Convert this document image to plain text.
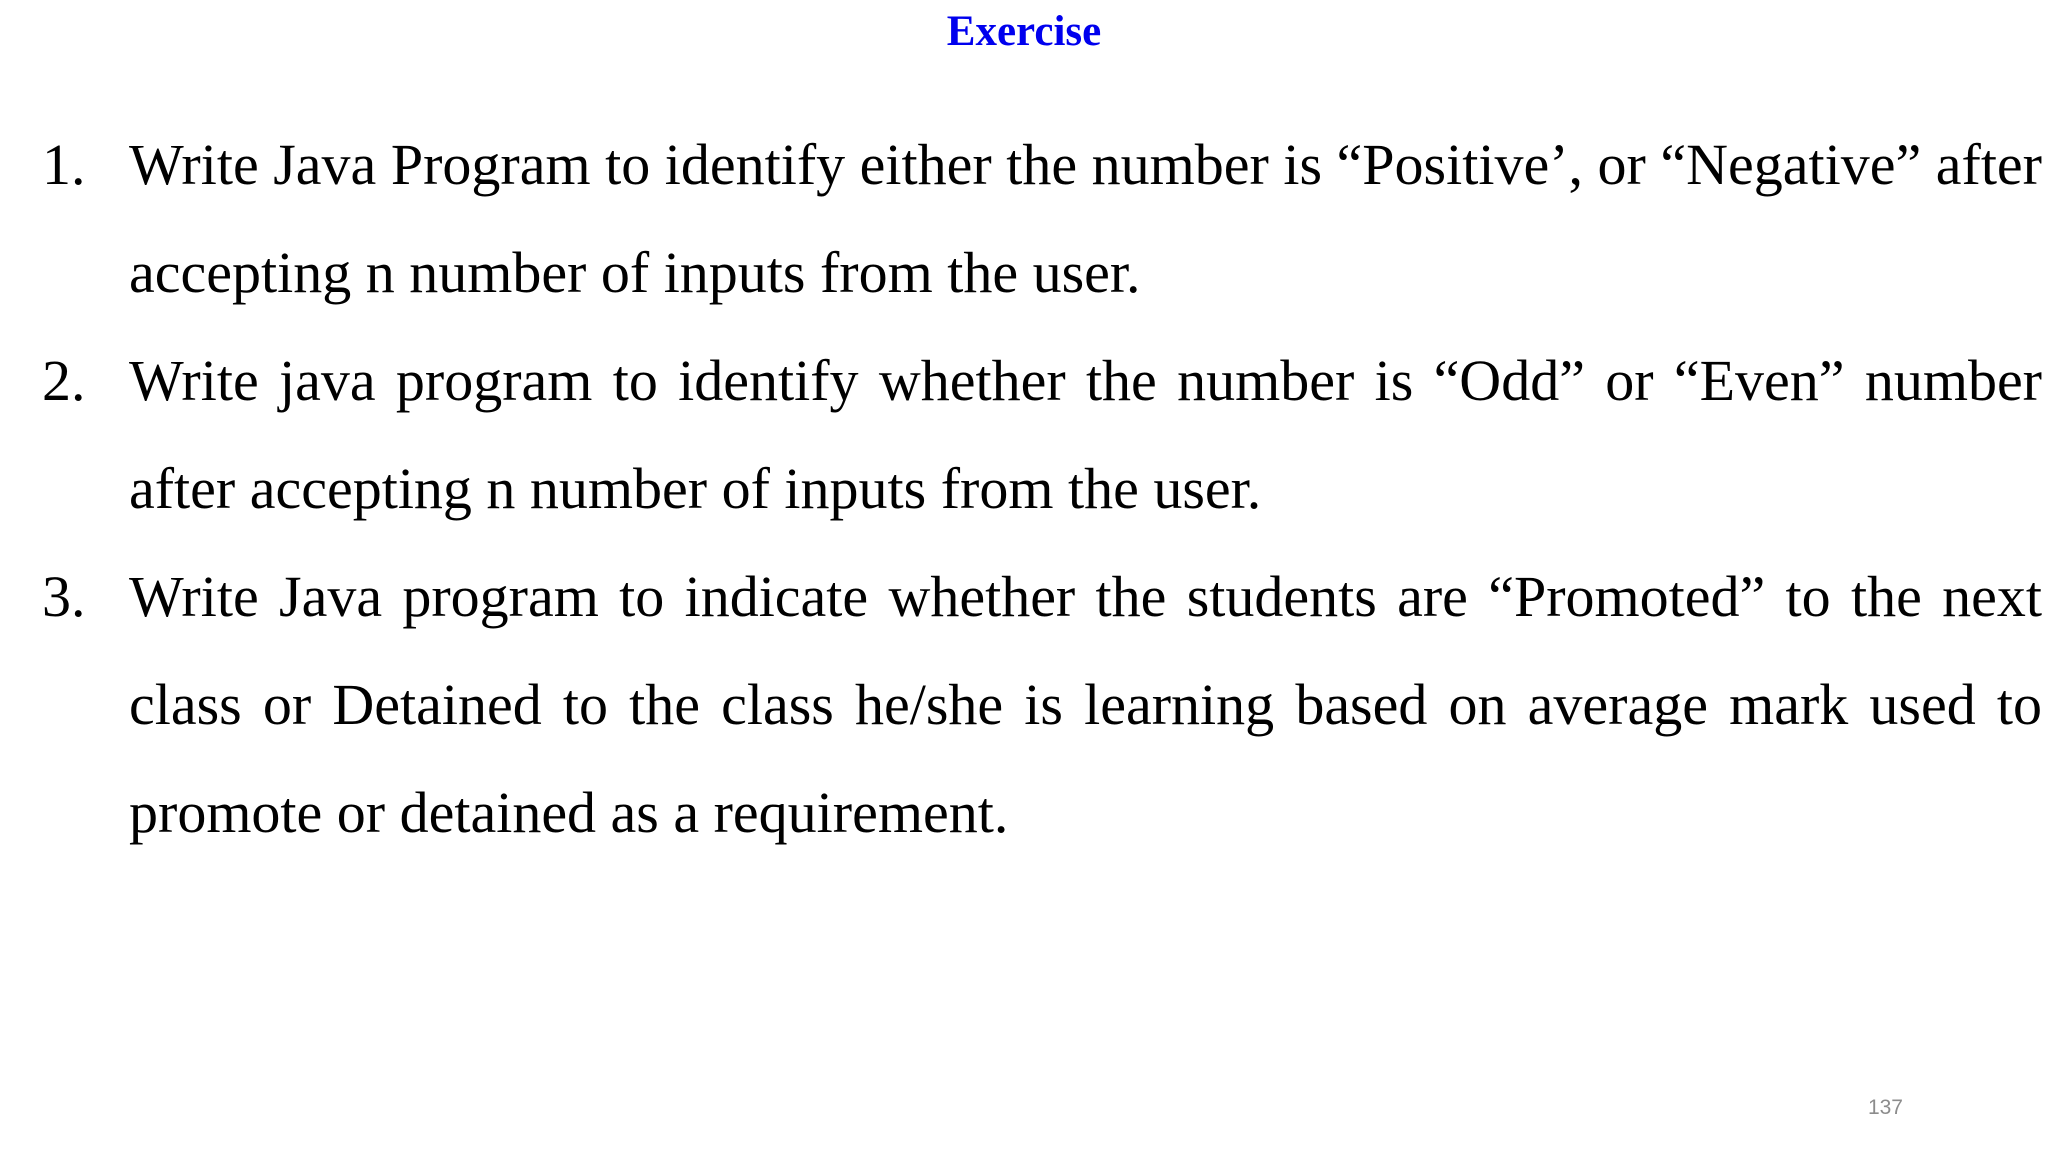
Exercise
1. Write Java Program to identify either the number is “Positive’, or “Negative” after accepting n number of inputs from the user.
2. Write java program to identify whether the number is “Odd” or “Even” number after accepting n number of inputs from the user.
3. Write Java program to indicate whether the students are “Promoted” to the next class or Detained to the class he/she is learning based on average mark used to promote or detained as a requirement.
137
